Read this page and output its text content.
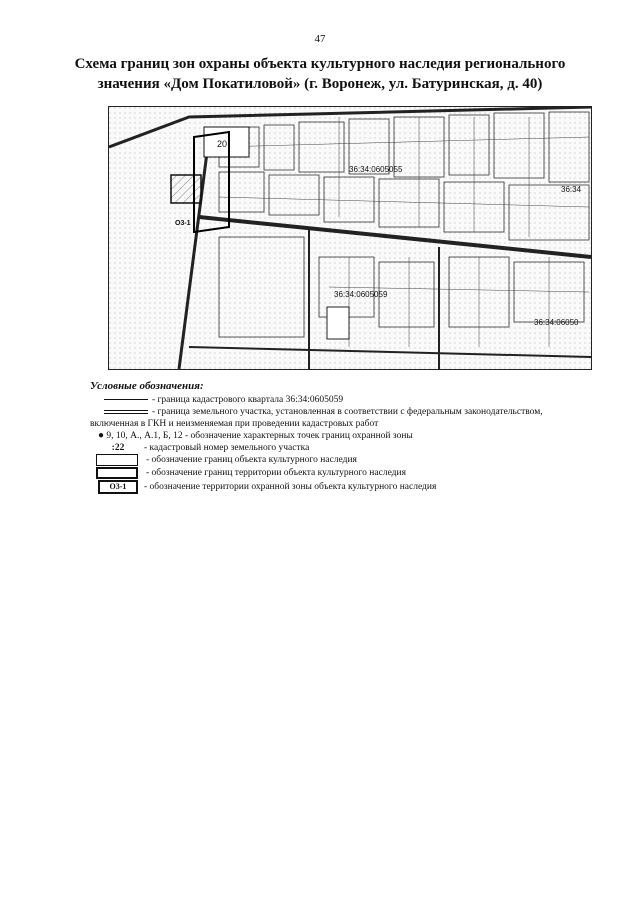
47
Схема границ зон охраны объекта культурного наследия регионального
значения «Дом Покатиловой» (г. Воронеж, ул. Батуринская, д. 40)
36:34:0605055
36:34:0605059
36:34:06050
36:34
20
О3-1
Условные обозначения:
- граница кадастрового квартала 36:34:0605059
- граница земельного участка, установленная в соответствии с федеральным законодательством,
включенная в ГКН и неизменяемая при проведении кадастровых работ
● 9, 10, А., А.1, Б, 12 - обозначение характерных точек границ охранной зоны
:22 - кадастровый номер земельного участка
- обозначение границ объекта культурного наследия
- обозначение границ территории объекта культурного наследия
О3-1 - обозначение территории охранной зоны объекта культурного наследия
